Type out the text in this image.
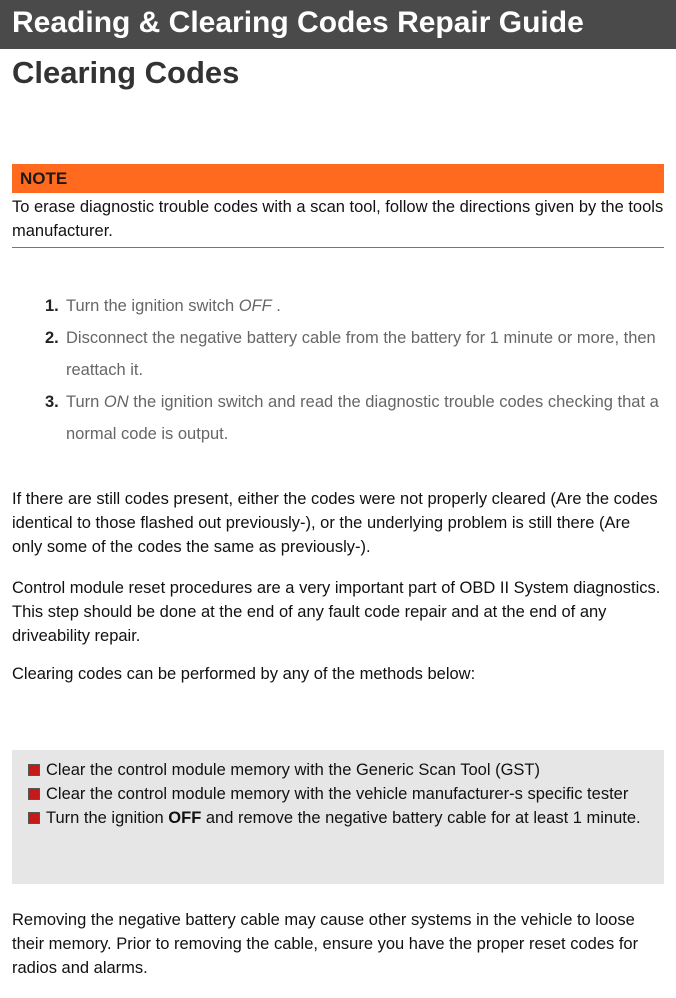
Reading & Clearing Codes Repair Guide
Clearing Codes
NOTE
To erase diagnostic trouble codes with a scan tool, follow the directions given by the tools manufacturer.
1. Turn the ignition switch OFF .
2. Disconnect the negative battery cable from the battery for 1 minute or more, then reattach it.
3. Turn ON the ignition switch and read the diagnostic trouble codes checking that a normal code is output.

If there are still codes present, either the codes were not properly cleared (Are the codes identical to those flashed out previously-), or the underlying problem is still there (Are only some of the codes the same as previously-).

Control module reset procedures are a very important part of OBD II System diagnostics. This step should be done at the end of any fault code repair and at the end of any driveability repair.

Clearing codes can be performed by any of the methods below:

Clear the control module memory with the Generic Scan Tool (GST)

Clear the control module memory with the vehicle manufacturer-s specific tester

Turn the ignition OFF and remove the negative battery cable for at least 1 minute.

Removing the negative battery cable may cause other systems in the vehicle to loose their memory. Prior to removing the cable, ensure you have the proper reset codes for radios and alarms.
